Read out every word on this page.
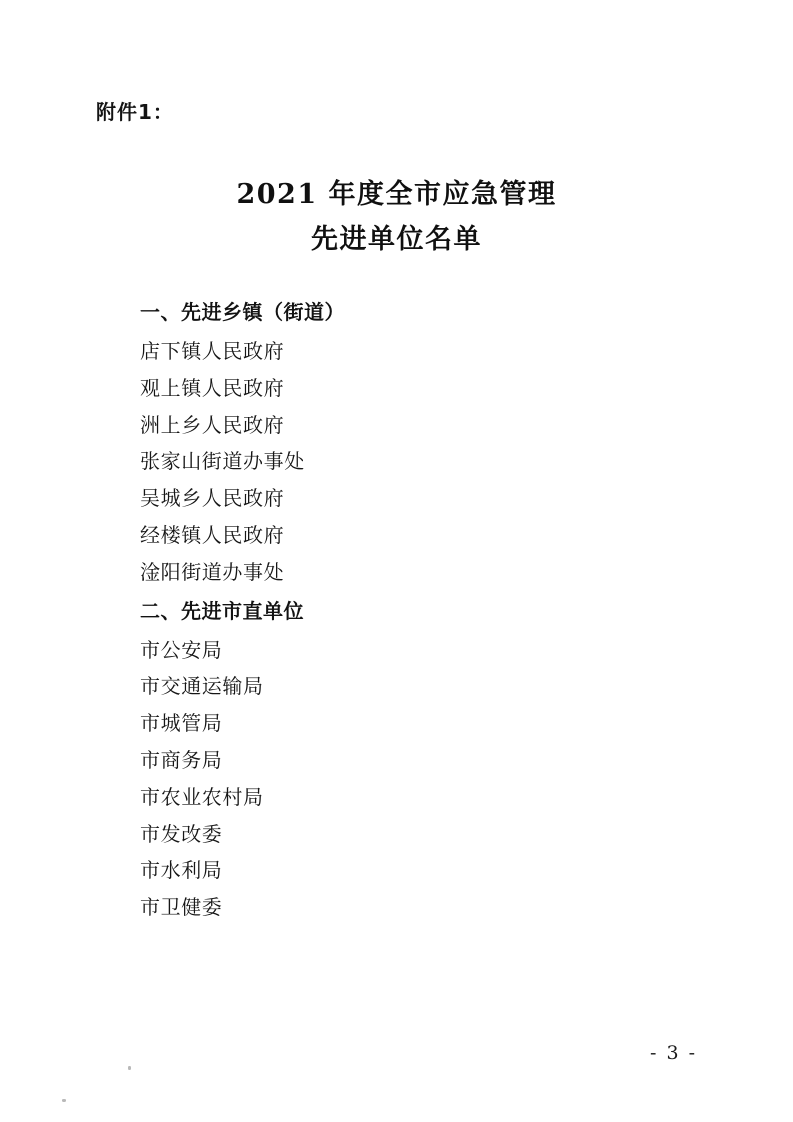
附件1：
2021 年度全市应急管理
先进单位名单
一、先进乡镇（街道）
店下镇人民政府
观上镇人民政府
洲上乡人民政府
张家山街道办事处
吴城乡人民政府
经楼镇人民政府
淦阳街道办事处
二、先进市直单位
市公安局
市交通运输局
市城管局
市商务局
市农业农村局
市发改委
市水利局
市卫健委
- 3 -
